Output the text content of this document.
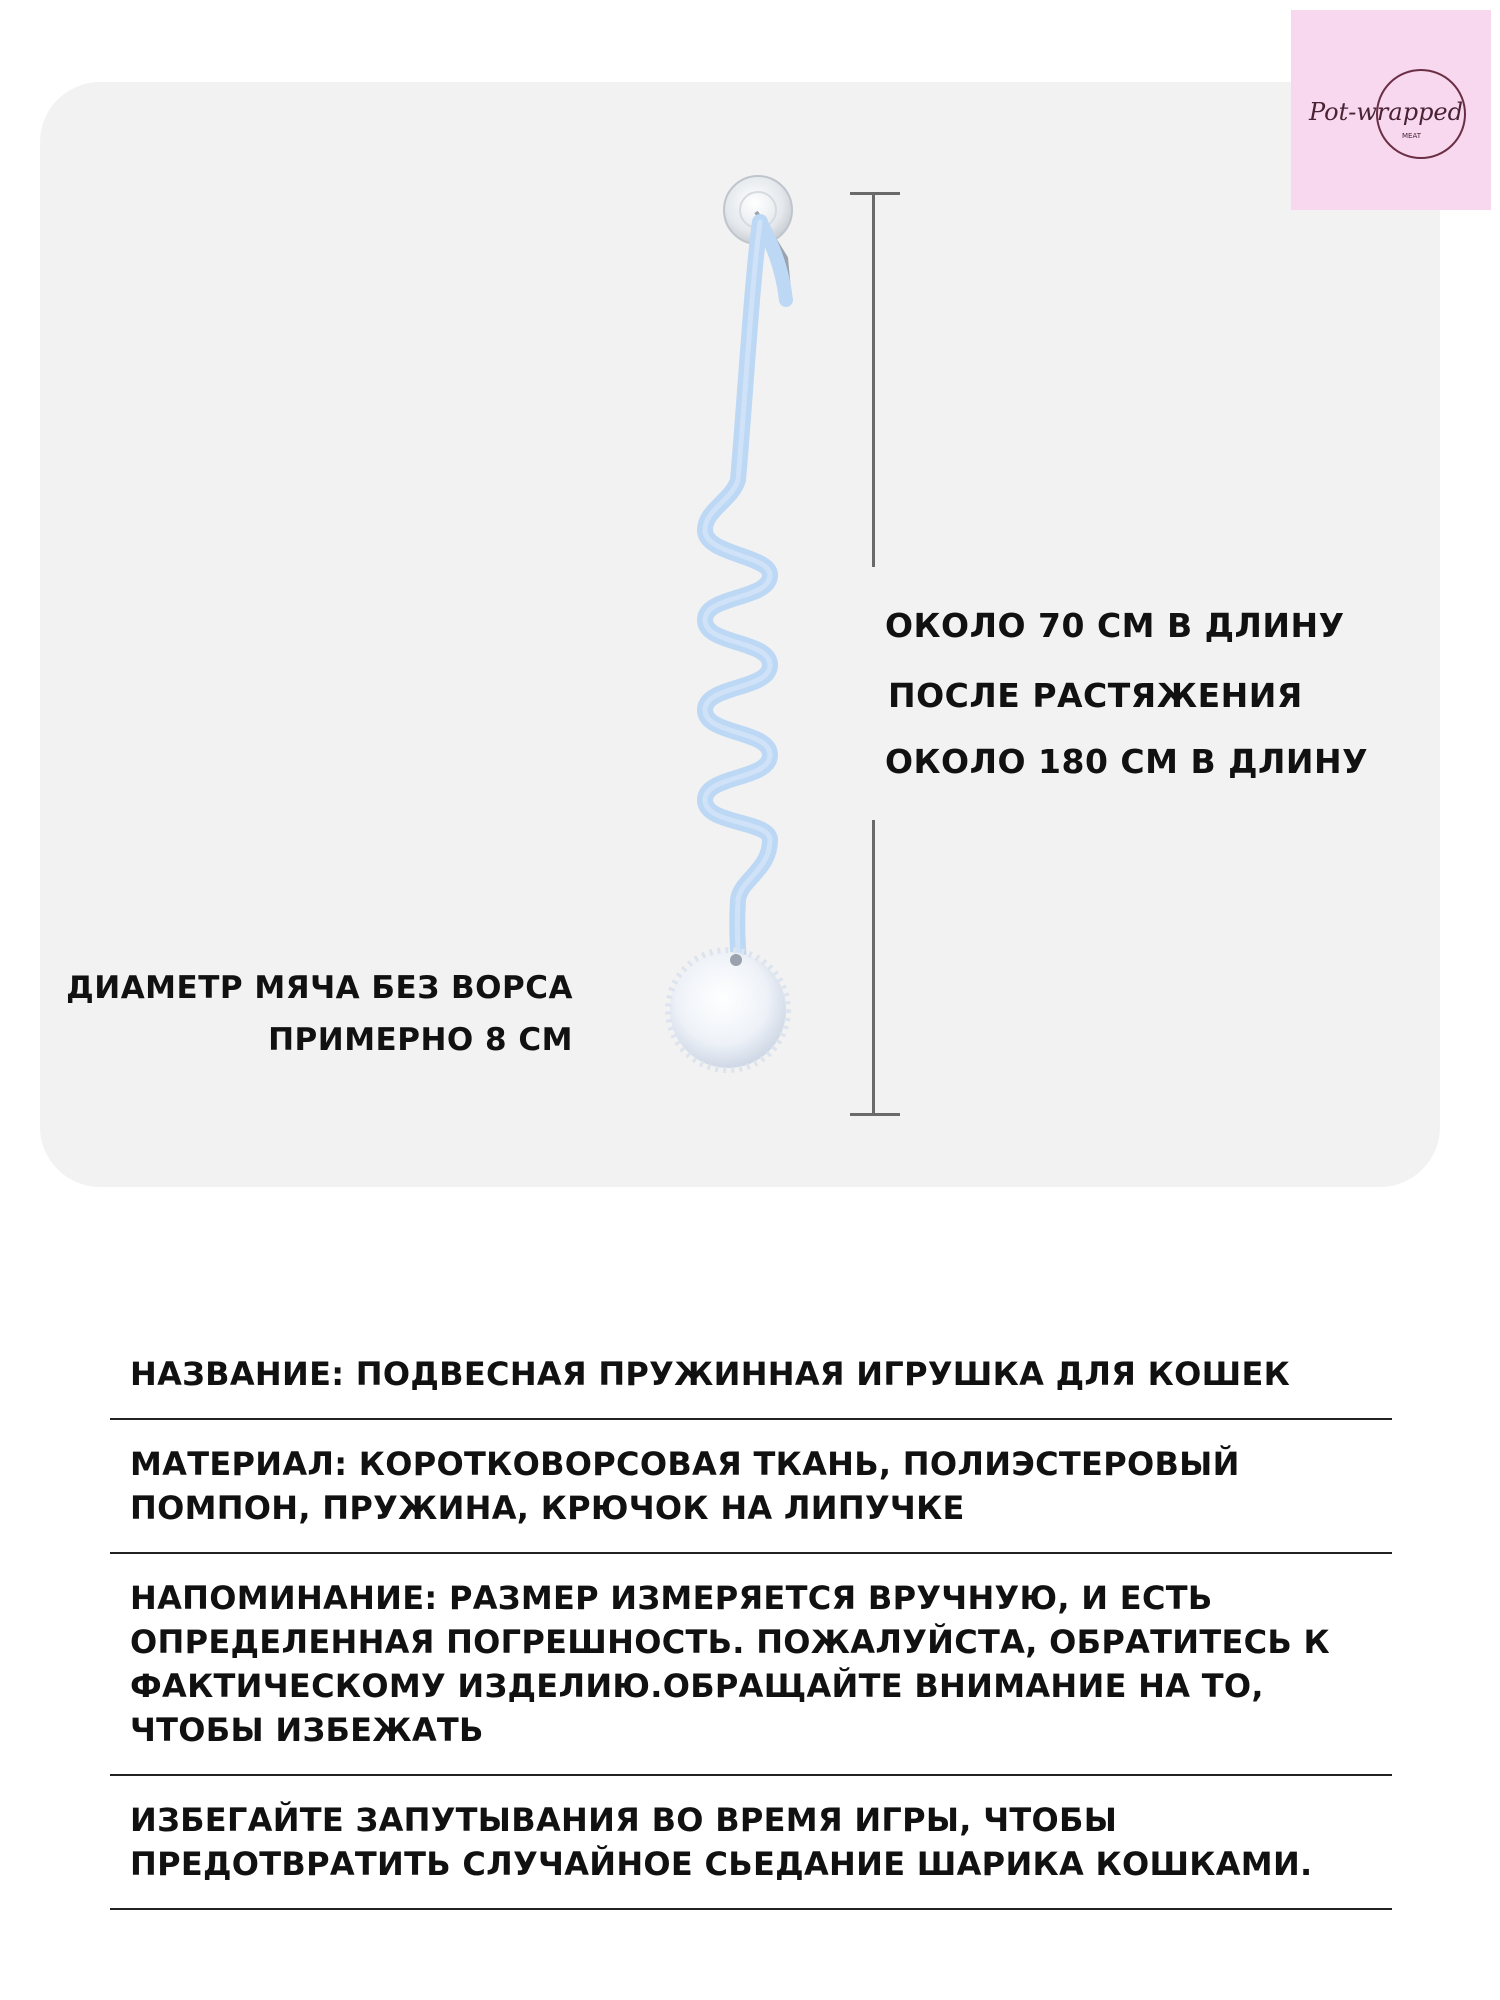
ОКОЛО 70 СМ В ДЛИНУ

ПОСЛЕ РАСТЯЖЕНИЯ

ОКОЛО 180 СМ В ДЛИНУ

ДИАМЕТР МЯЧА БЕЗ ВОРСА

ПРИМЕРНО 8 СМ

Pot-wrapped
MEAT
НАЗВАНИЕ: ПОДВЕСНАЯ ПРУЖИННАЯ ИГРУШКА ДЛЯ КОШЕК
МАТЕРИАЛ: КОРОТКОВОРСОВАЯ ТКАНЬ, ПОЛИЭСТЕРОВЫЙ ПОМПОН, ПРУЖИНА, КРЮЧОК НА ЛИПУЧКЕ
НАПОМИНАНИЕ: РАЗМЕР ИЗМЕРЯЕТСЯ ВРУЧНУЮ, И ЕСТЬ ОПРЕДЕЛЕННАЯ ПОГРЕШНОСТЬ. ПОЖАЛУЙСТА, ОБРАТИТЕСЬ К ФАКТИЧЕСКОМУ ИЗДЕЛИЮ.ОБРАЩАЙТЕ ВНИМАНИЕ НА ТО, ЧТОБЫ ИЗБЕЖАТЬ
ИЗБЕГАЙТЕ ЗАПУТЫВАНИЯ ВО ВРЕМЯ ИГРЫ, ЧТОБЫ ПРЕДОТВРАТИТЬ СЛУЧАЙНОЕ СЬЕДАНИЕ ШАРИКА КОШКАМИ.
